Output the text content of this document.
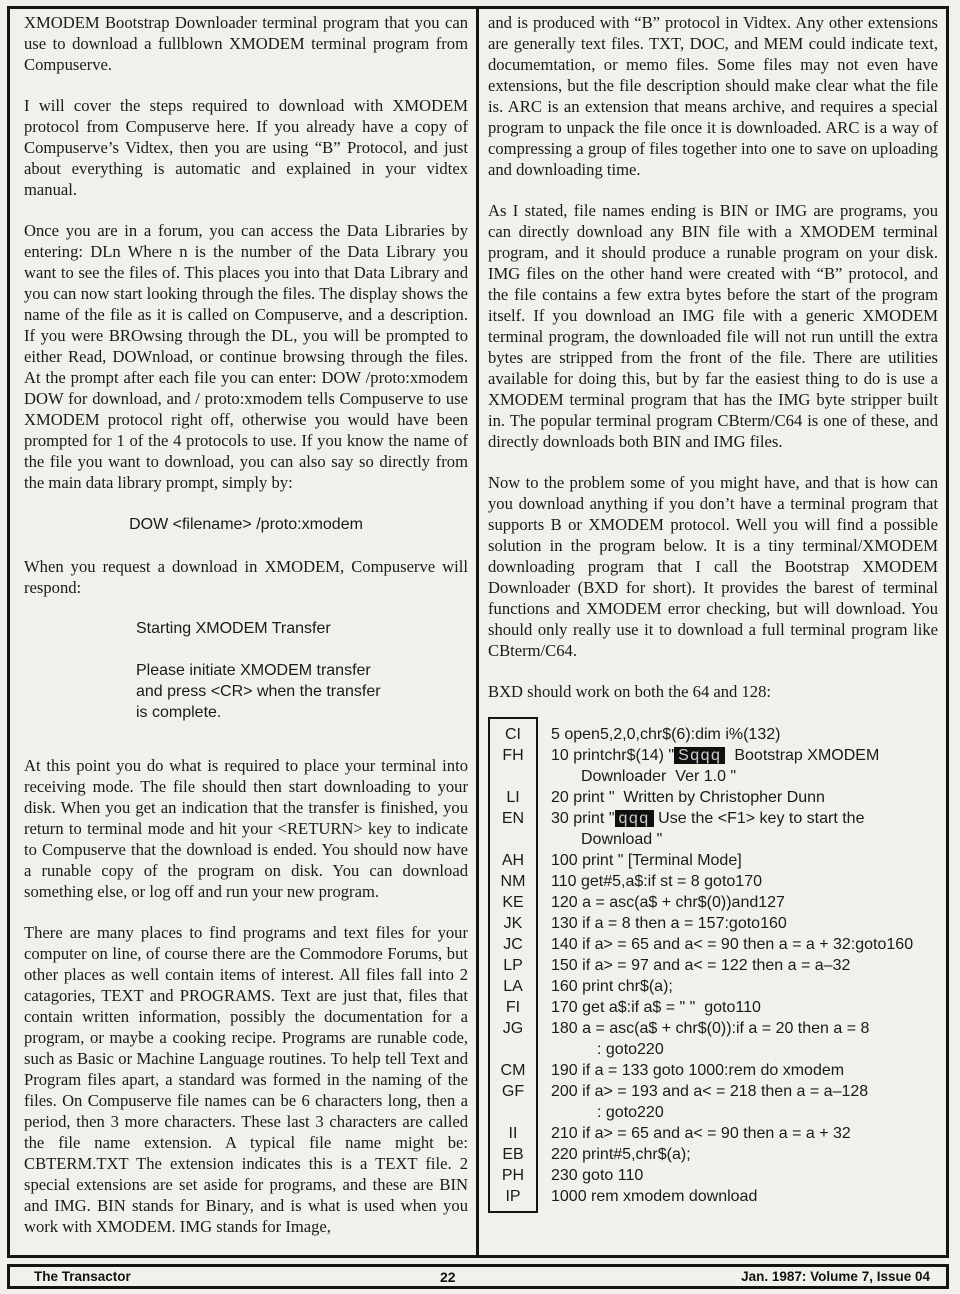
XMODEM Bootstrap Downloader terminal program that you can use to download a fullblown XMODEM terminal program from Compuserve.

I will cover the steps required to download with XMODEM protocol from Compuserve here. If you already have a copy of Compuserve’s Vidtex, then you are using “B” Protocol, and just about everything is automatic and explained in your vidtex manual.

Once you are in a forum, you can access the Data Libraries by entering: DLn Where n is the number of the Data Library you want to see the files of. This places you into that Data Library and you can now start looking through the files. The display shows the name of the file as it is called on Compuserve, and a description. If you were BROwsing through the DL, you will be prompted to either Read, DOWnload, or continue browsing through the files. At the prompt after each file you can enter: DOW /proto:xmodem DOW for download, and / proto:xmodem tells Compuserve to use XMODEM protocol right off, otherwise you would have been prompted for 1 of the 4 protocols to use. If you know the name of the file you want to download, you can also say so directly from the main data library prompt, simply by:

DOW <filename> /proto:xmodem

When you request a download in XMODEM, Compuserve will respond:

Starting XMODEM Transfer
Please initiate XMODEM transfer
and press <CR> when the transfer
is complete.

At this point you do what is required to place your terminal into receiving mode. The file should then start downloading to your disk. When you get an indication that the transfer is finished, you return to terminal mode and hit your <RETURN> key to indicate to Compuserve that the download is ended. You should now have a runable copy of the program on disk. You can download something else, or log off and run your new program.

There are many places to find programs and text files for your computer on line, of course there are the Commodore Forums, but other places as well contain items of interest. All files fall into 2 catagories, TEXT and PROGRAMS. Text are just that, files that contain written information, possibly the documentation for a program, or maybe a cooking recipe. Programs are runable code, such as Basic or Machine Language routines. To help tell Text and Program files apart, a standard was formed in the naming of the files. On Compuserve file names can be 6 characters long, then a period, then 3 more characters. These last 3 characters are called the file name extension. A typical file name might be: CBTERM.TXT The extension indicates this is a TEXT file. 2 special extensions are set aside for programs, and these are BIN and IMG. BIN stands for Binary, and is what is used when you work with XMODEM. IMG stands for Image,

and is produced with “B” protocol in Vidtex. Any other extensions are generally text files. TXT, DOC, and MEM could indicate text, documemtation, or memo files. Some files may not even have extensions, but the file description should make clear what the file is. ARC is an extension that means archive, and requires a special program to unpack the file once it is downloaded. ARC is a way of compressing a group of files together into one to save on uploading and downloading time.

As I stated, file names ending is BIN or IMG are programs, you can directly download any BIN file with a XMODEM terminal program, and it should produce a runable program on your disk. IMG files on the other hand were created with “B” protocol, and the file contains a few extra bytes before the start of the program itself. If you download an IMG file with a generic XMODEM terminal program, the downloaded file will not run untill the extra bytes are stripped from the front of the file. There are utilities available for doing this, but by far the easiest thing to do is use a XMODEM terminal program that has the IMG byte stripper built in. The popular terminal program CBterm/C64 is one of these, and directly downloads both BIN and IMG files.

Now to the problem some of you might have, and that is how can you download anything if you don’t have a terminal program that supports B or XMODEM protocol. Well you will find a possible solution in the program below. It is a tiny terminal/XMODEM downloading program that I call the Bootstrap XMODEM Downloader (BXD for short). It provides the barest of terminal functions and XMODEM error checking, but will download. You should only really use it to download a full terminal program like CBterm/C64.

BXD should work on both the 64 and 128:

CI	5 open5,2,0,chr$(6):dim i%(132)
FH	10 printchr$(14) " Sqqq  Bootstrap XMODEM
Downloader  Ver 1.0 "
LI	20 print "  Written by Christopher Dunn
EN	30 print " qqq Use the <F1> key to start the
Download "
AH	100 print " [Terminal Mode]
NM	110 get#5,a$:if st = 8 goto170
KE	120 a = asc(a$ + chr$(0))and127
JK	130 if a = 8 then a = 157:goto160
JC	140 if a> = 65 and a< = 90 then a = a + 32:goto160
LP	150 if a> = 97 and a< = 122 then a = a–32
LA	160 print chr$(a);
FI	170 get a$:if a$ = " "  goto110
JG	180 a = asc(a$ + chr$(0)):if a = 20 then a = 8
: goto220
CM	190 if a = 133 goto 1000:rem do xmodem
GF	200 if a> = 193 and a< = 218 then a = a–128
: goto220
II	210 if a> = 65 and a< = 90 then a = a + 32
EB	220 print#5,chr$(a);
PH	230 goto 110
IP	1000 rem xmodem download
The Transactor	22	Jan. 1987: Volume 7, Issue 04
